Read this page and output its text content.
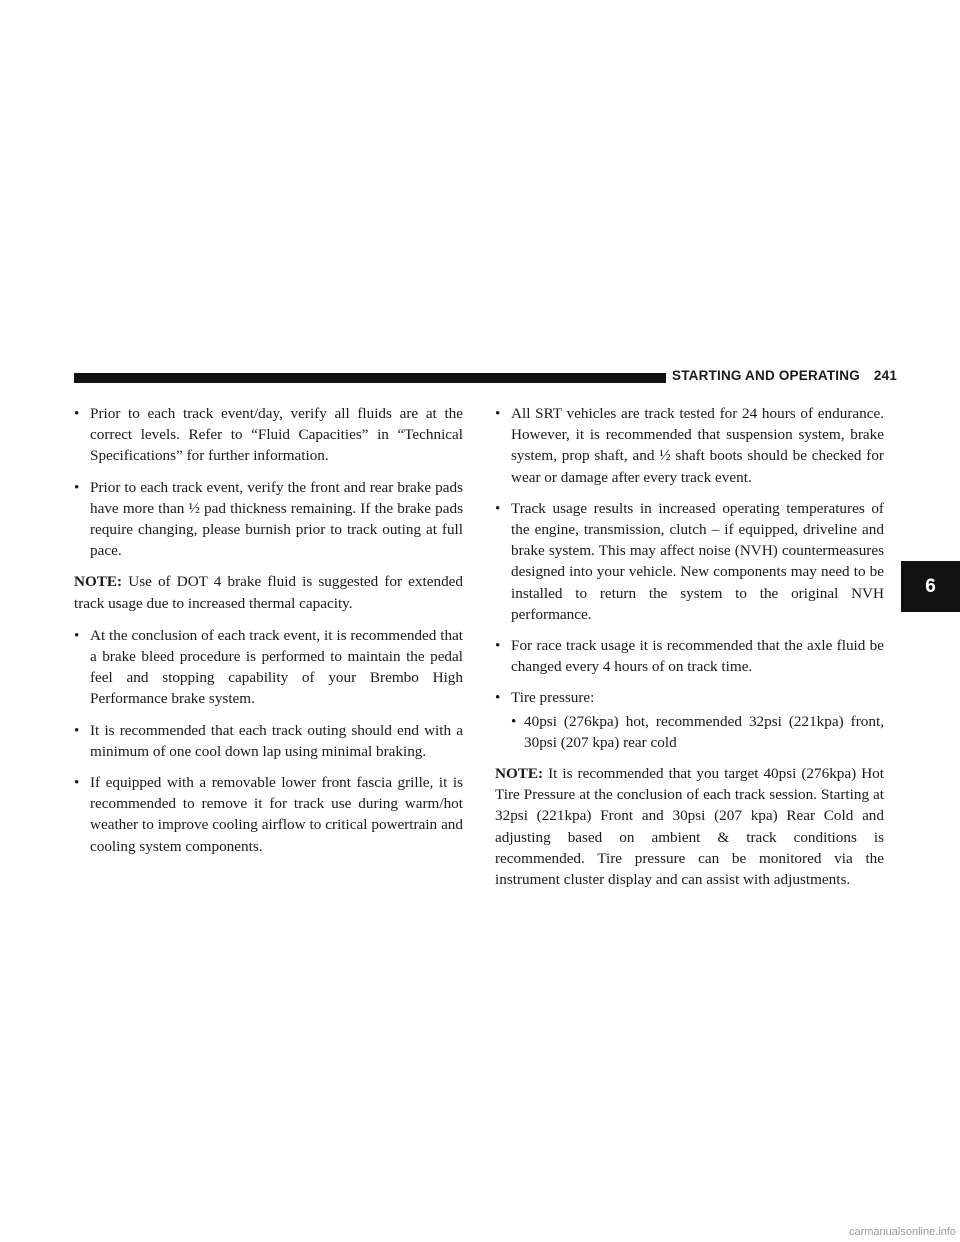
STARTING AND OPERATING 241
6
• Prior to each track event/day, verify all fluids are at the correct levels. Refer to “Fluid Capacities” in “Technical Specifications” for further information.
• Prior to each track event, verify the front and rear brake pads have more than ½ pad thickness remaining. If the brake pads require changing, please burnish prior to track outing at full pace.

NOTE: Use of DOT 4 brake fluid is suggested for extended track usage due to increased thermal capacity.

• At the conclusion of each track event, it is recommended that a brake bleed procedure is performed to maintain the pedal feel and stopping capability of your Brembo High Performance brake system.
• It is recommended that each track outing should end with a minimum of one cool down lap using minimal braking.
• If equipped with a removable lower front fascia grille, it is recommended to remove it for track use during warm/hot weather to improve cooling airflow to critical powertrain and cooling system components.
• All SRT vehicles are track tested for 24 hours of endurance. However, it is recommended that suspension system, brake system, prop shaft, and ½ shaft boots should be checked for wear or damage after every track event.
• Track usage results in increased operating temperatures of the engine, transmission, clutch – if equipped, driveline and brake system. This may affect noise (NVH) countermeasures designed into your vehicle. New components may need to be installed to return the system to the original NVH performance.
• For race track usage it is recommended that the axle fluid be changed every 4 hours of on track time.
• Tire pressure:
• 40psi (276kpa) hot, recommended 32psi (221kpa) front, 30psi (207 kpa) rear cold

NOTE: It is recommended that you target 40psi (276kpa) Hot Tire Pressure at the conclusion of each track session. Starting at 32psi (221kpa) Front and 30psi (207 kpa) Rear Cold and adjusting based on ambient & track conditions is recommended. Tire pressure can be monitored via the instrument cluster display and can assist with adjustments.

carmanualsonline.info
